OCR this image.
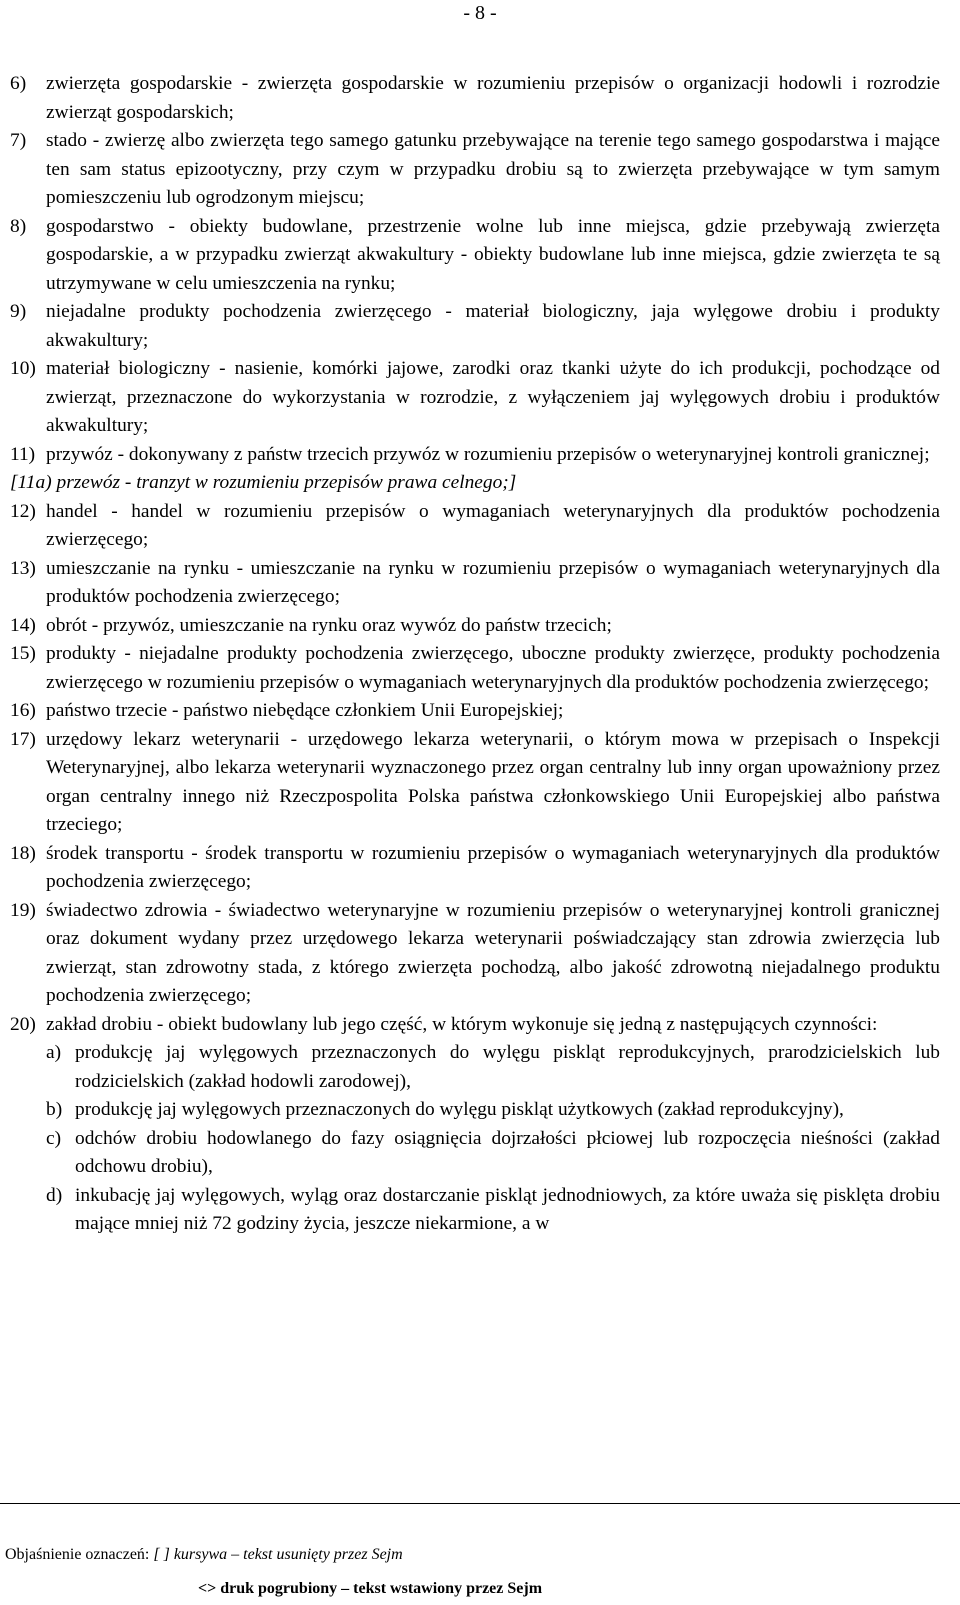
- 8 -
6)	zwierzęta gospodarskie - zwierzęta gospodarskie w rozumieniu przepisów o organizacji hodowli i rozrodzie zwierząt gospodarskich;
7)	stado - zwierzę albo zwierzęta tego samego gatunku przebywające na terenie tego samego gospodarstwa i mające ten sam status epizootyczny, przy czym w przypadku drobiu są to zwierzęta przebywające w tym samym pomieszczeniu lub ogrodzonym miejscu;
8)	gospodarstwo - obiekty budowlane, przestrzenie wolne lub inne miejsca, gdzie przebywają zwierzęta gospodarskie, a w przypadku zwierząt akwakultury - obiekty budowlane lub inne miejsca, gdzie zwierzęta te są utrzymywane w celu umieszczenia na rynku;
9)	niejadalne produkty pochodzenia zwierzęcego - materiał biologiczny, jaja wylęgowe drobiu i produkty akwakultury;
10) materiał biologiczny - nasienie, komórki jajowe, zarodki oraz tkanki użyte do ich produkcji, pochodzące od zwierząt, przeznaczone do wykorzystania w rozrodzie, z wyłączeniem jaj wylęgowych drobiu i produktów akwakultury;
11) przywóz - dokonywany z państw trzecich przywóz w rozumieniu przepisów o weterynaryjnej kontroli granicznej;
[11a) przewóz - tranzyt w rozumieniu przepisów prawa celnego;]
12) handel - handel w rozumieniu przepisów o wymaganiach weterynaryjnych dla produktów pochodzenia zwierzęcego;
13) umieszczanie na rynku - umieszczanie na rynku w rozumieniu przepisów o wymaganiach weterynaryjnych dla produktów pochodzenia zwierzęcego;
14) obrót - przywóz, umieszczanie na rynku oraz wywóz do państw trzecich;
15) produkty - niejadalne produkty pochodzenia zwierzęcego, uboczne produkty zwierzęce, produkty pochodzenia zwierzęcego w rozumieniu przepisów o wymaganiach weterynaryjnych dla produktów pochodzenia zwierzęcego;
16) państwo trzecie - państwo niebędące członkiem Unii Europejskiej;
17) urzędowy lekarz weterynarii - urzędowego lekarza weterynarii, o którym mowa w przepisach o Inspekcji Weterynaryjnej, albo lekarza weterynarii wyznaczonego przez organ centralny lub inny organ upoważniony przez organ centralny innego niż Rzeczpospolita Polska państwa członkowskiego Unii Europejskiej albo państwa trzeciego;
18) środek transportu - środek transportu w rozumieniu przepisów o wymaganiach weterynaryjnych dla produktów pochodzenia zwierzęcego;
19) świadectwo zdrowia - świadectwo weterynaryjne w rozumieniu przepisów o weterynaryjnej kontroli granicznej oraz dokument wydany przez urzędowego lekarza weterynarii poświadczający stan zdrowia zwierzęcia lub zwierząt, stan zdrowotny stada, z którego zwierzęta pochodzą, albo jakość zdrowotną niejadalnego produktu pochodzenia zwierzęcego;
20) zakład drobiu - obiekt budowlany lub jego część, w którym wykonuje się jedną z następujących czynności:
a) produkcję jaj wylęgowych przeznaczonych do wylęgu piskląt reprodukcyjnych, prarodzicielskich lub rodzicielskich (zakład hodowli zarodowej),
b) produkcję jaj wylęgowych przeznaczonych do wylęgu piskląt użytkowych (zakład reprodukcyjny),
c) odchów drobiu hodowlanego do fazy osiągnięcia dojrzałości płciowej lub rozpoczęcia nieśności (zakład odchowu drobiu),
d) inkubację jaj wylęgowych, wyląg oraz dostarczanie piskląt jednodniowych, za które uważa się pisklęta drobiu mające mniej niż 72 godziny życia, jeszcze niekarmione, a w
Objaśnienie oznaczeń: [ ] kursywa – tekst usunięty przez Sejm
<> druk pogrubiony – tekst wstawiony przez Sejm
